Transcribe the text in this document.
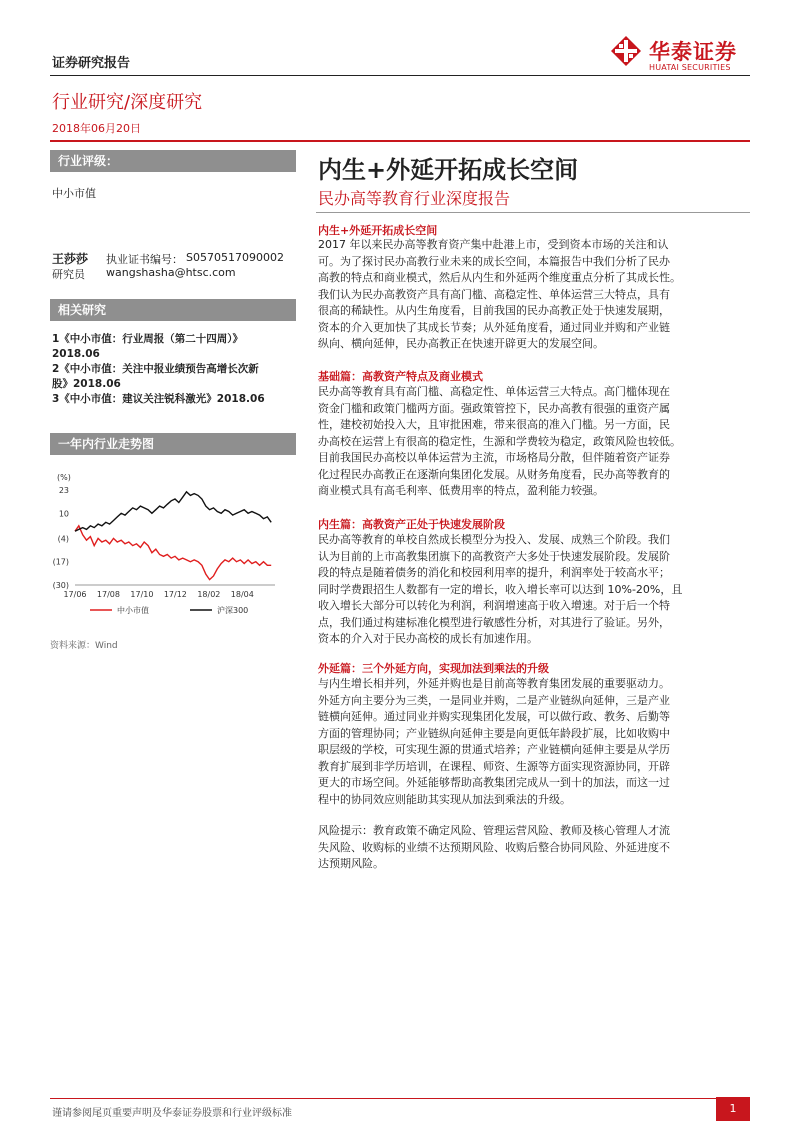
证券研究报告
行业研究/深度研究
2018年06月20日
华泰证券
HUATAI SECURITIES
行业评级：
中小市值
王莎莎 执业证书编号： S0570517090002
研究员 wangshasha@htsc.com
相关研究
1《中小市值：行业周报（第二十四周）》
2018.06
2《中小市值：关注中报业绩预告高增长次新
股》2018.06
3《中小市值：建议关注锐科激光》2018.06
一年内行业走势图
(%)
23
10
(4)
(17)
(30)
17/06 17/08 17/10 17/12 18/02 18/04
中小市值	沪深300
资料来源：Wind
内生+外延开拓成长空间
民办高等教育行业深度报告
内生+外延开拓成长空间
2017 年以来民办高等教育资产集中赴港上市，受到资本市场的关注和认
可。为了探讨民办高教行业未来的成长空间，本篇报告中我们分析了民办
高教的特点和商业模式，然后从内生和外延两个维度重点分析了其成长性。
我们认为民办高教资产具有高门槛、高稳定性、单体运营三大特点，具有
很高的稀缺性。从内生角度看，目前我国的民办高教正处于快速发展期，
资本的介入更加快了其成长节奏；从外延角度看，通过同业并购和产业链
纵向、横向延伸，民办高教正在快速开辟更大的发展空间。
基础篇：高教资产特点及商业模式
民办高等教育具有高门槛、高稳定性、单体运营三大特点。高门槛体现在
资金门槛和政策门槛两方面。强政策管控下，民办高教有很强的重资产属
性，建校初始投入大，且审批困难，带来很高的准入门槛。另一方面，民
办高校在运营上有很高的稳定性，生源和学费较为稳定，政策风险也较低。
目前我国民办高校以单体运营为主流，市场格局分散，但伴随着资产证券
化过程民办高教正在逐渐向集团化发展。从财务角度看，民办高等教育的
商业模式具有高毛利率、低费用率的特点，盈利能力较强。
内生篇：高教资产正处于快速发展阶段
民办高等教育的单校自然成长模型分为投入、发展、成熟三个阶段。我们
认为目前的上市高教集团旗下的高教资产大多处于快速发展阶段。发展阶
段的特点是随着债务的消化和校园利用率的提升，利润率处于较高水平；
同时学费跟招生人数都有一定的增长，收入增长率可以达到 10%-20%，且
收入增长大部分可以转化为利润，利润增速高于收入增速。对于后一个特
点，我们通过构建标准化模型进行敏感性分析，对其进行了验证。另外，
资本的介入对于民办高校的成长有加速作用。
外延篇：三个外延方向，实现加法到乘法的升级
与内生增长相并列，外延并购也是目前高等教育集团发展的重要驱动力。
外延方向主要分为三类，一是同业并购，二是产业链纵向延伸，三是产业
链横向延伸。通过同业并购实现集团化发展，可以做行政、教务、后勤等
方面的管理协同；产业链纵向延伸主要是向更低年龄段扩展，比如收购中
职层级的学校，可实现生源的贯通式培养；产业链横向延伸主要是从学历
教育扩展到非学历培训，在课程、师资、生源等方面实现资源协同，开辟
更大的市场空间。外延能够帮助高教集团完成从一到十的加法，而这一过
程中的协同效应则能助其实现从加法到乘法的升级。
风险提示：教育政策不确定风险、管理运营风险、教师及核心管理人才流
失风险、收购标的业绩不达预期风险、收购后整合协同风险、外延进度不
达预期风险。
谨请参阅尾页重要声明及华泰证券股票和行业评级标准	1
